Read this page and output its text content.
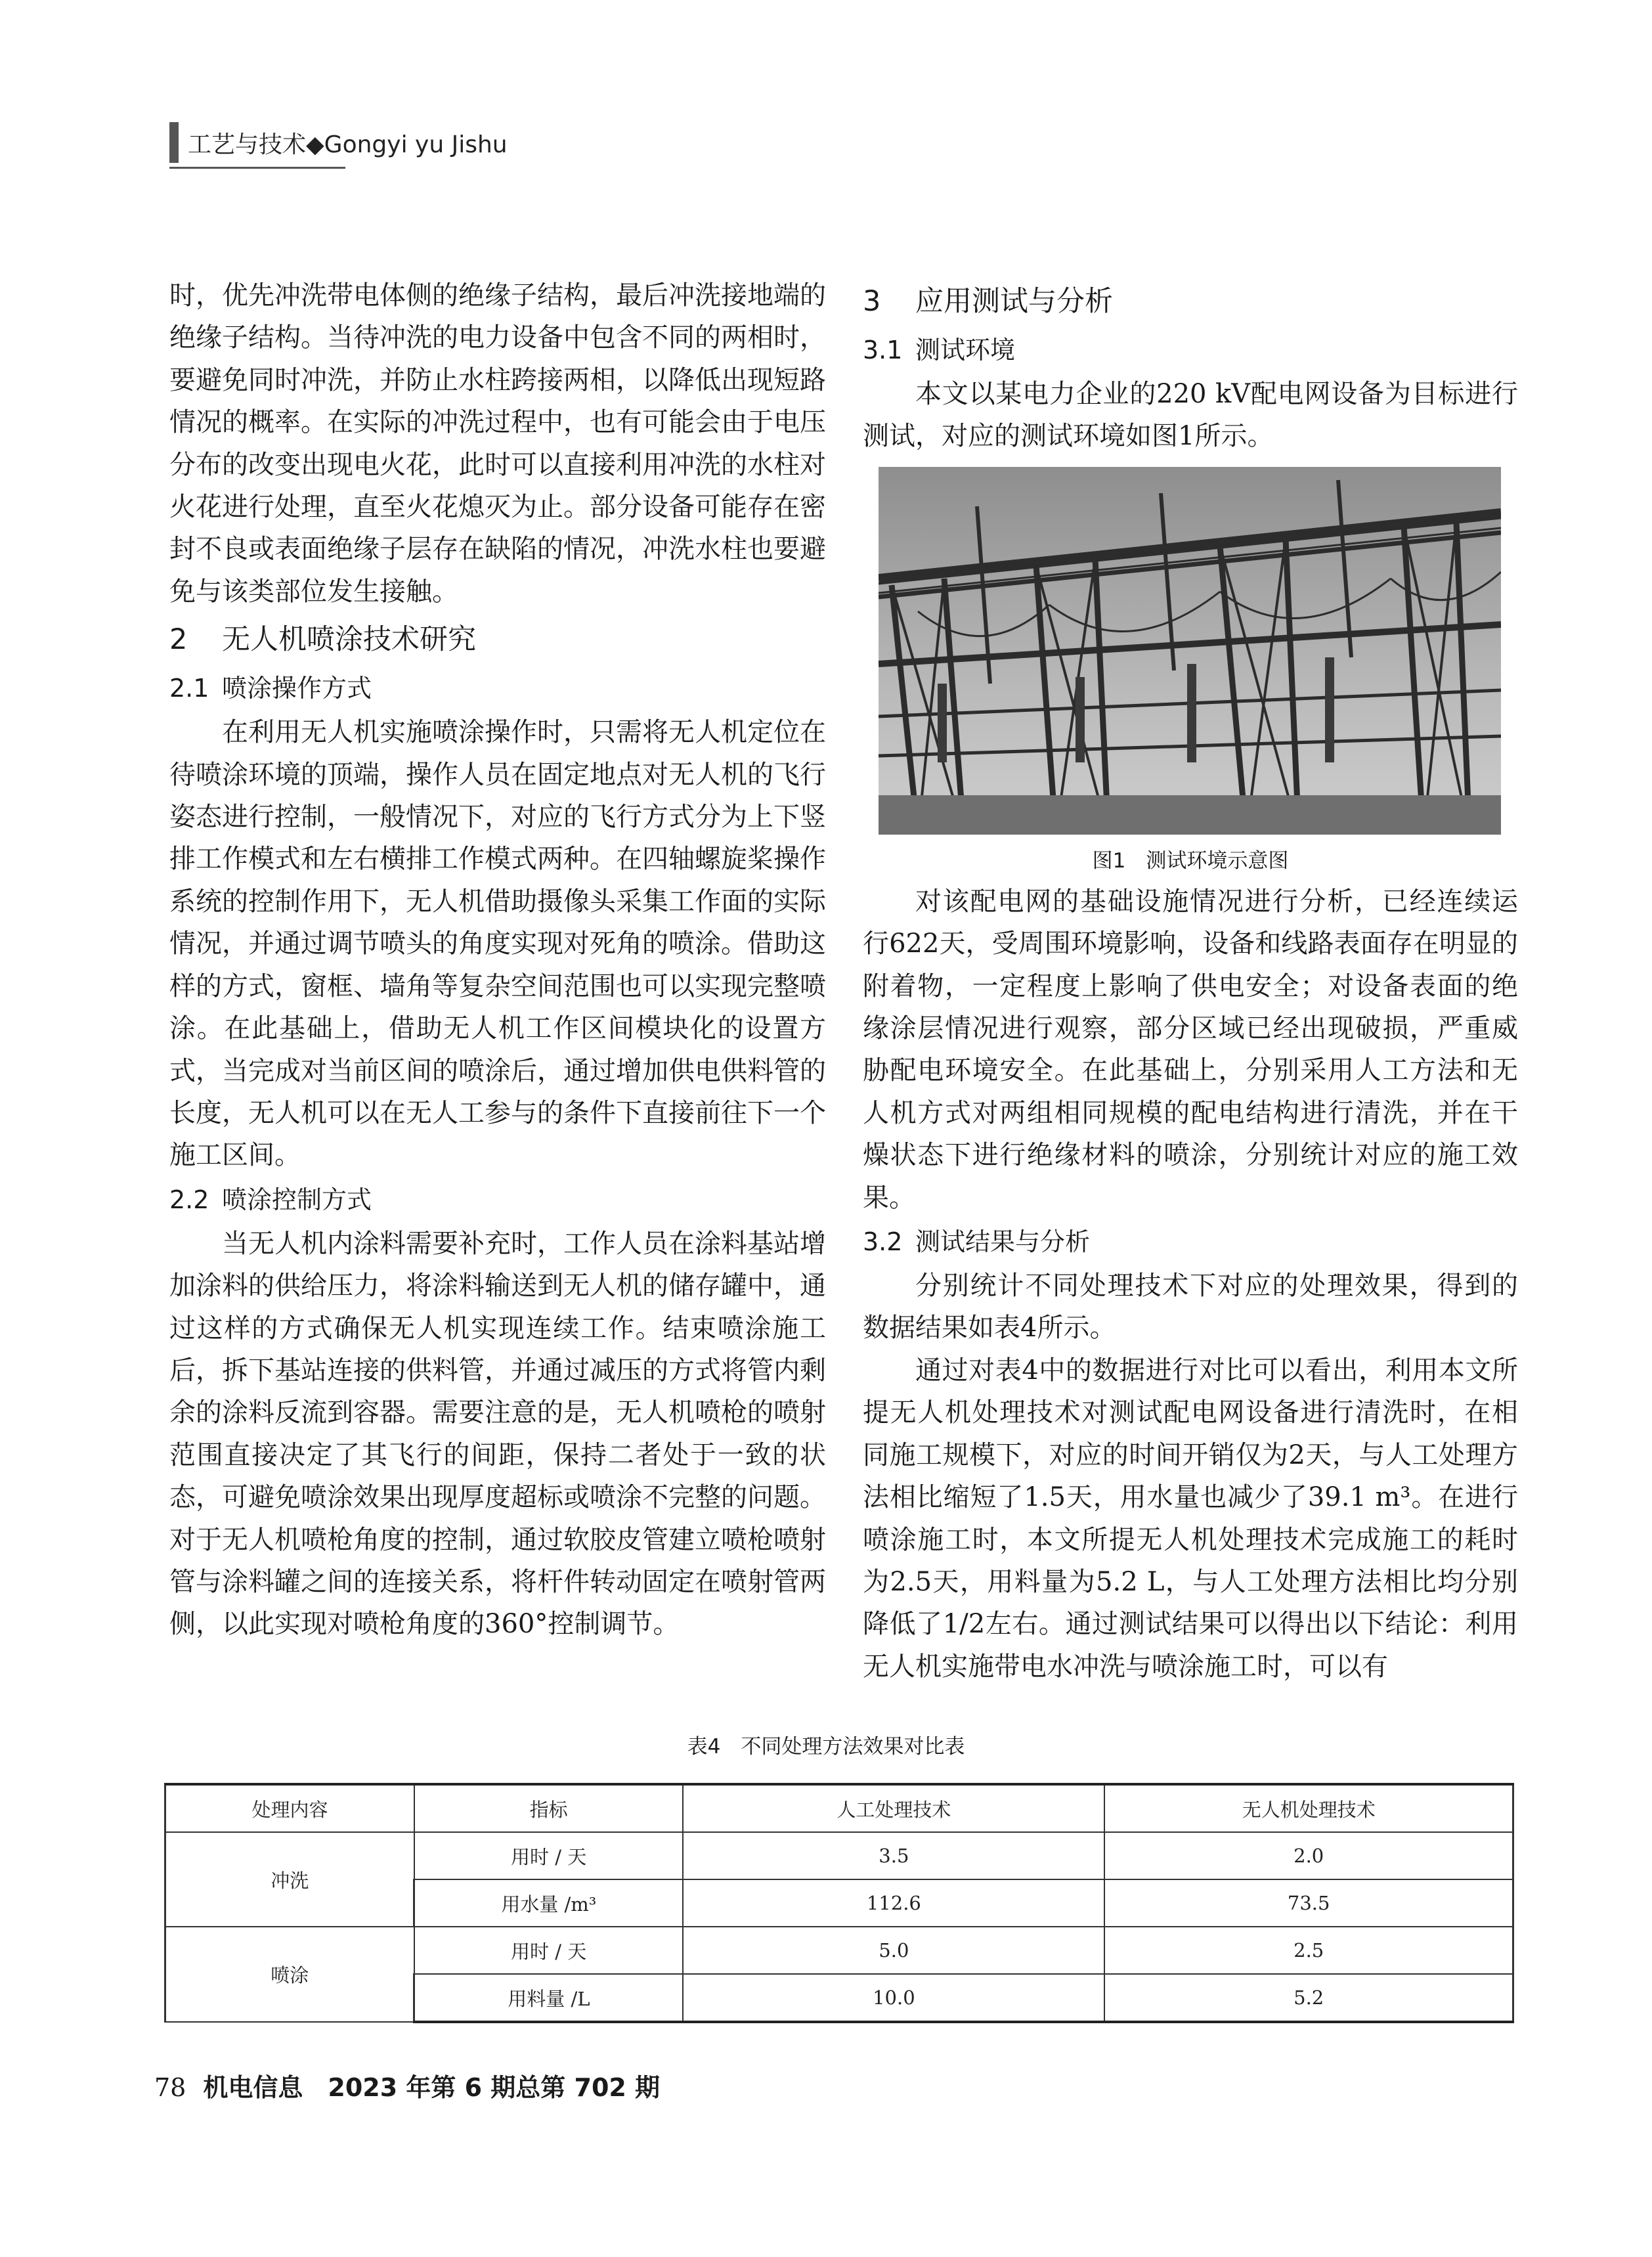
工艺与技术◆Gongyi yu Jishu

时，优先冲洗带电体侧的绝缘子结构，最后冲洗接地端的绝缘子结构。当待冲洗的电力设备中包含不同的两相时，要避免同时冲洗，并防止水柱跨接两相，以降低出现短路情况的概率。在实际的冲洗过程中，也有可能会由于电压分布的改变出现电火花，此时可以直接利用冲洗的水柱对火花进行处理，直至火花熄灭为止。部分设备可能存在密封不良或表面绝缘子层存在缺陷的情况，冲洗水柱也要避免与该类部位发生接触。

2 无人机喷涂技术研究
2.1 喷涂操作方式

在利用无人机实施喷涂操作时，只需将无人机定位在待喷涂环境的顶端，操作人员在固定地点对无人机的飞行姿态进行控制，一般情况下，对应的飞行方式分为上下竖排工作模式和左右横排工作模式两种。在四轴螺旋桨操作系统的控制作用下，无人机借助摄像头采集工作面的实际情况，并通过调节喷头的角度实现对死角的喷涂。借助这样的方式，窗框、墙角等复杂空间范围也可以实现完整喷涂。在此基础上，借助无人机工作区间模块化的设置方式，当完成对当前区间的喷涂后，通过增加供电供料管的长度，无人机可以在无人工参与的条件下直接前往下一个施工区间。

2.2 喷涂控制方式

当无人机内涂料需要补充时，工作人员在涂料基站增加涂料的供给压力，将涂料输送到无人机的储存罐中，通过这样的方式确保无人机实现连续工作。结束喷涂施工后，拆下基站连接的供料管，并通过减压的方式将管内剩余的涂料反流到容器。需要注意的是，无人机喷枪的喷射范围直接决定了其飞行的间距，保持二者处于一致的状态，可避免喷涂效果出现厚度超标或喷涂不完整的问题。对于无人机喷枪角度的控制，通过软胶皮管建立喷枪喷射管与涂料罐之间的连接关系，将杆件转动固定在喷射管两侧，以此实现对喷枪角度的360°控制调节。

3 应用测试与分析
3.1 测试环境

本文以某电力企业的220 kV配电网设备为目标进行测试，对应的测试环境如图1所示。

图1　测试环境示意图

对该配电网的基础设施情况进行分析，已经连续运行622天，受周围环境影响，设备和线路表面存在明显的附着物，一定程度上影响了供电安全；对设备表面的绝缘涂层情况进行观察，部分区域已经出现破损，严重威胁配电环境安全。在此基础上，分别采用人工方法和无人机方式对两组相同规模的配电结构进行清洗，并在干燥状态下进行绝缘材料的喷涂，分别统计对应的施工效果。

3.2 测试结果与分析

分别统计不同处理技术下对应的处理效果，得到的数据结果如表4所示。

通过对表4中的数据进行对比可以看出，利用本文所提无人机处理技术对测试配电网设备进行清洗时，在相同施工规模下，对应的时间开销仅为2天，与人工处理方法相比缩短了1.5天，用水量也减少了39.1 m³。在进行喷涂施工时，本文所提无人机处理技术完成施工的耗时为2.5天，用料量为5.2 L，与人工处理方法相比均分别降低了1/2左右。通过测试结果可以得出以下结论：利用无人机实施带电水冲洗与喷涂施工时，可以有

表4　不同处理方法效果对比表
处理内容	指标	人工处理技术	无人机处理技术
冲洗	用时 / 天	3.5	2.0
	用水量 /m³	112.6	73.5
喷涂	用时 / 天	5.0	2.5
	用料量 /L	10.0	5.2
78 机电信息　 2023 年第 6 期总第 702 期
